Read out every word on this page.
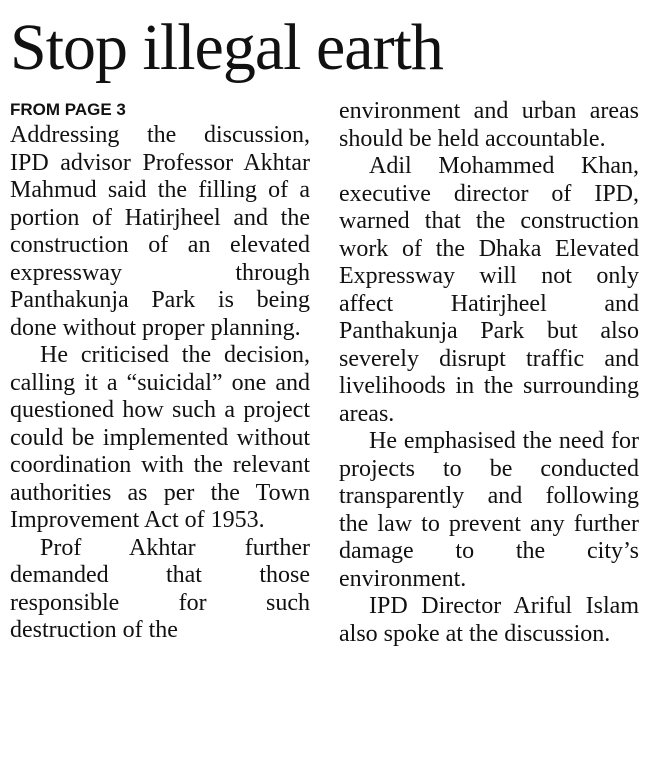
Stop illegal earth
FROM PAGE 3

Addressing the discussion, IPD advisor Professor Akhtar Mahmud said the filling of a portion of Hatirjheel and the construction of an elevated expressway through Panthakunja Park is being done without proper planning.

He criticised the decision, calling it a “suicidal” one and questioned how such a project could be implemented without coordination with the relevant authorities as per the Town Improvement Act of 1953.

Prof Akhtar further demanded that those responsible for such destruction of the

environment and urban areas should be held accountable.

Adil Mohammed Khan, executive director of IPD, warned that the construction work of the Dhaka Elevated Expressway will not only affect Hatirjheel and Panthakunja Park but also severely disrupt traffic and livelihoods in the surrounding areas.

He emphasised the need for projects to be conducted transparently and following the law to prevent any further damage to the city’s environment.

IPD Director Ariful Islam also spoke at the discussion.
